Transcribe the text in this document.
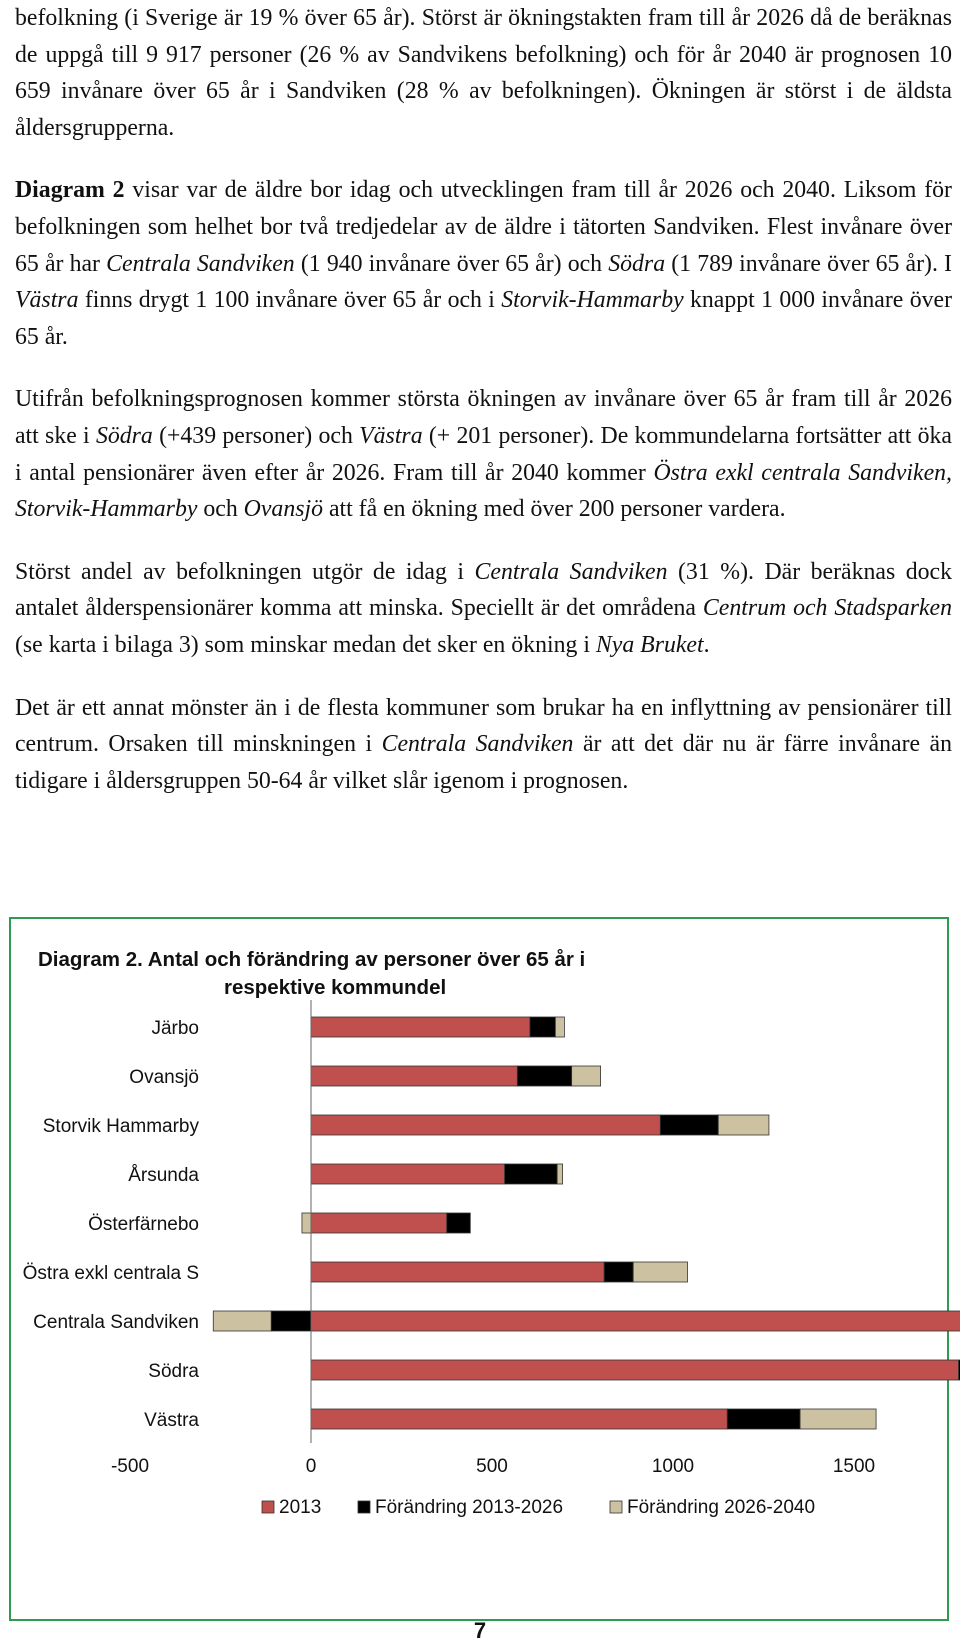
befolkning (i Sverige är 19 % över 65 år). Störst är ökningstakten fram till år 2026 då de beräknas de uppgå till 9 917 personer (26 % av Sandvikens befolkning) och för år 2040 är prognosen 10 659 invånare över 65 år i Sandviken (28 % av befolkningen). Ökningen är störst i de äldsta åldersgrupperna.

Diagram 2 visar var de äldre bor idag och utvecklingen fram till år 2026 och 2040. Liksom för befolkningen som helhet bor två tredjedelar av de äldre i tätorten Sandviken. Flest invånare över 65 år har Centrala Sandviken (1 940 invånare över 65 år) och Södra (1 789 invånare över 65 år). I Västra finns drygt 1 100 invånare över 65 år och i Storvik-Hammarby knappt 1 000 invånare över 65 år.

Utifrån befolkningsprognosen kommer största ökningen av invånare över 65 år fram till år 2026 att ske i Södra (+439 personer) och Västra (+ 201 personer). De kommundelarna fortsätter att öka i antal pensionärer även efter år 2026. Fram till år 2040 kommer Östra exkl centrala Sandviken, Storvik-Hammarby och Ovansjö att få en ökning med över 200 personer vardera.

Störst andel av befolkningen utgör de idag i Centrala Sandviken (31 %). Där beräknas dock antalet ålderspensionärer komma att minska. Speciellt är det områdena Centrum och Stadsparken (se karta i bilaga 3) som minskar medan det sker en ökning i Nya Bruket.

Det är ett annat mönster än i de flesta kommuner som brukar ha en inflyttning av pensionärer till centrum. Orsaken till minskningen i Centrala Sandviken är att det där nu är färre invånare än tidigare i åldersgruppen 50-64 år vilket slår igenom i prognosen.

Diagram 2. Antal och förändring av personer över 65 år i
respektive kommundel
Järbo
Ovansjö
Storvik Hammarby
Årsunda
Österfärnebo
Östra exkl centrala S
Centrala Sandviken
Södra
Västra
-500	0	500	1000	1500
2013	Förändring 2013-2026	Förändring 2026-2040
7
